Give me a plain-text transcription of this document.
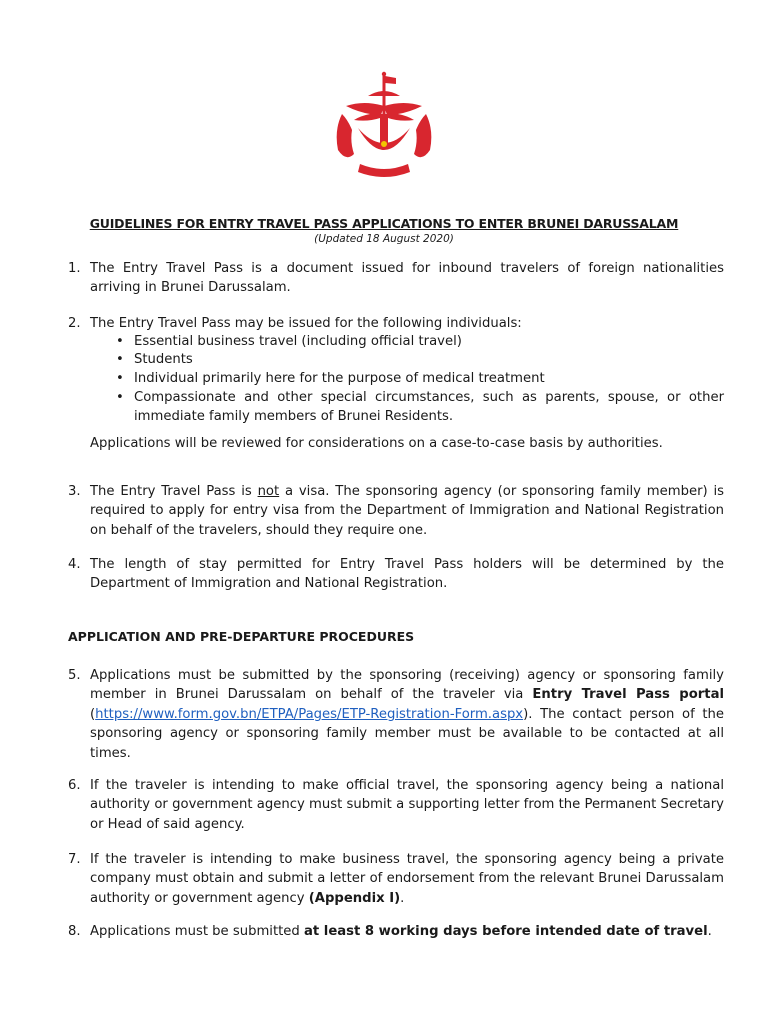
GUIDELINES FOR ENTRY TRAVEL PASS APPLICATIONS TO ENTER BRUNEI DARUSSALAM
(Updated 18 August 2020)
1. The Entry Travel Pass is a document issued for inbound travelers of foreign nationalities arriving in Brunei Darussalam.
2. The Entry Travel Pass may be issued for the following individuals:
• Essential business travel (including official travel)
• Students
• Individual primarily here for the purpose of medical treatment
• Compassionate and other special circumstances, such as parents, spouse, or other immediate family members of Brunei Residents.
Applications will be reviewed for considerations on a case-to-case basis by authorities.
3. The Entry Travel Pass is not a visa. The sponsoring agency (or sponsoring family member) is required to apply for entry visa from the Department of Immigration and National Registration on behalf of the travelers, should they require one.
4. The length of stay permitted for Entry Travel Pass holders will be determined by the Department of Immigration and National Registration.
APPLICATION AND PRE-DEPARTURE PROCEDURES
5. Applications must be submitted by the sponsoring (receiving) agency or sponsoring family member in Brunei Darussalam on behalf of the traveler via Entry Travel Pass portal (https://www.form.gov.bn/ETPA/Pages/ETP-Registration-Form.aspx). The contact person of the sponsoring agency or sponsoring family member must be available to be contacted at all times.
6. If the traveler is intending to make official travel, the sponsoring agency being a national authority or government agency must submit a supporting letter from the Permanent Secretary or Head of said agency.
7. If the traveler is intending to make business travel, the sponsoring agency being a private company must obtain and submit a letter of endorsement from the relevant Brunei Darussalam authority or government agency (Appendix I).
8. Applications must be submitted at least 8 working days before intended date of travel.
